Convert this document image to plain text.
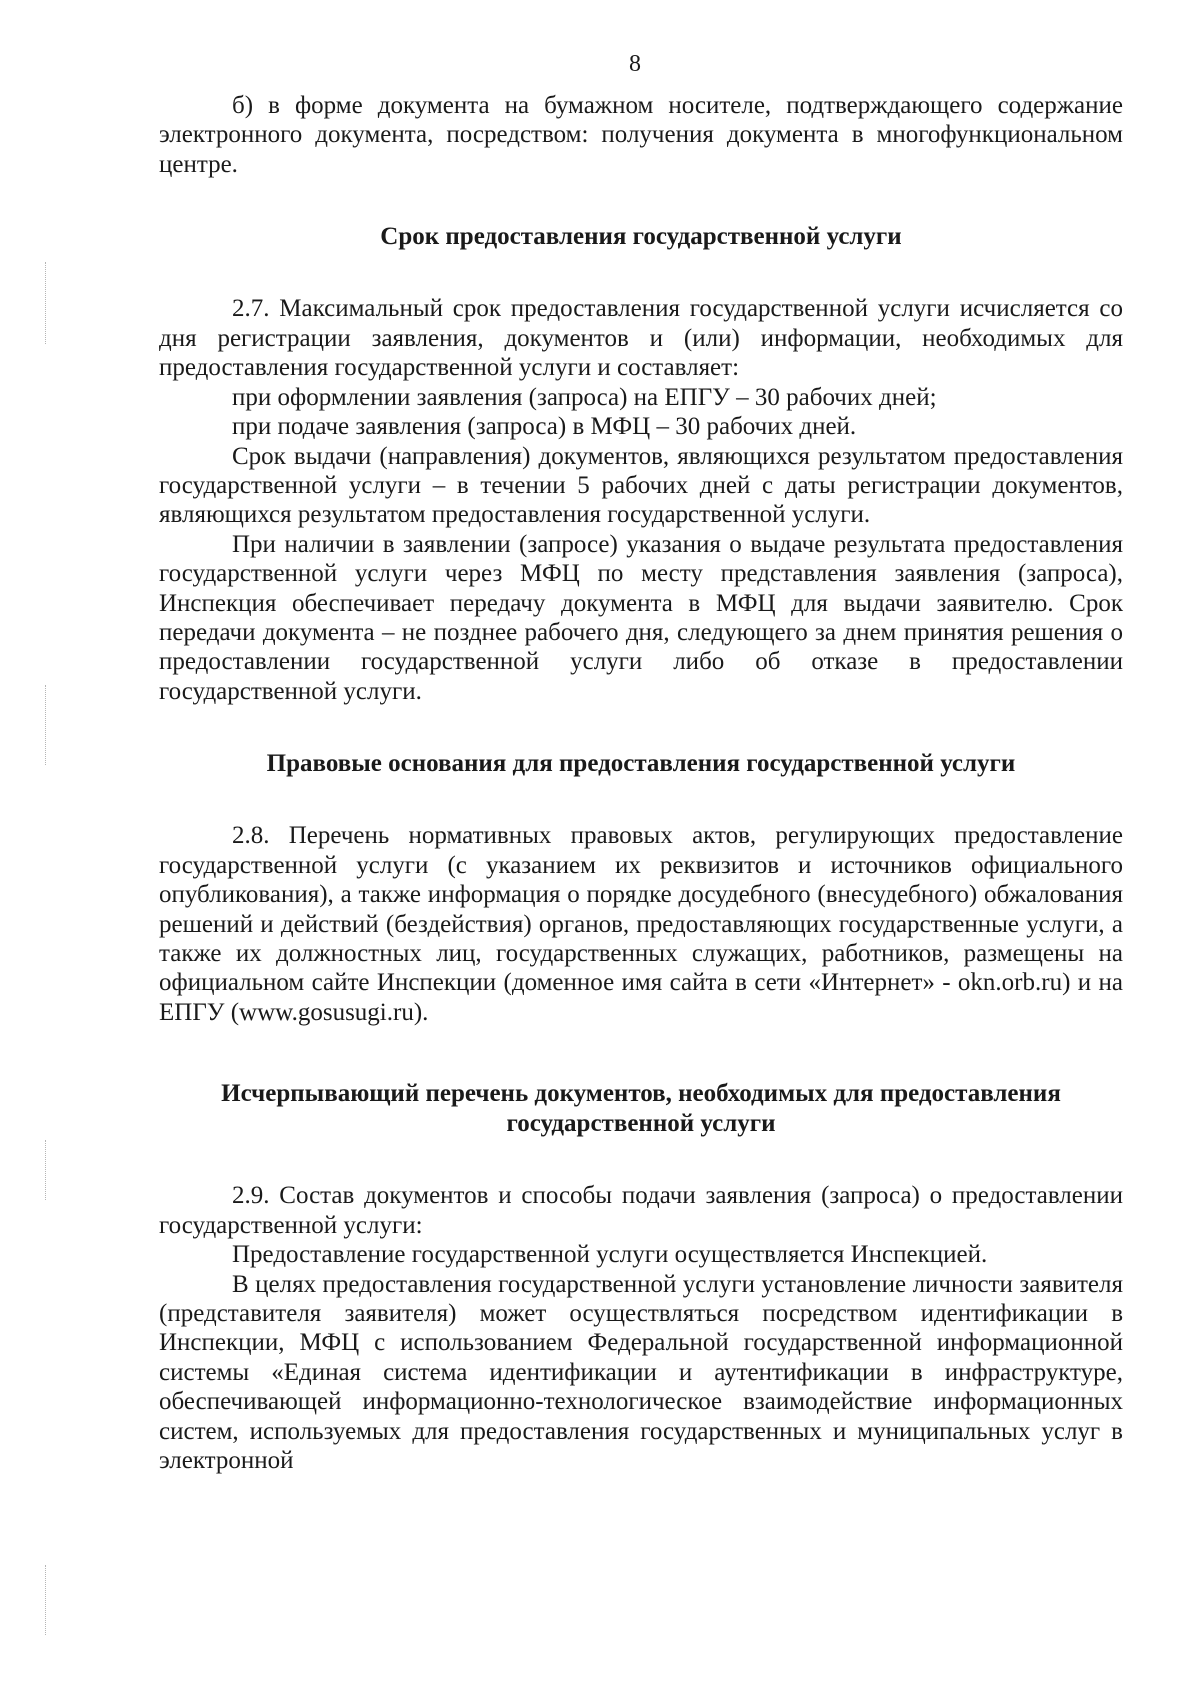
8

б) в форме документа на бумажном носителе, подтверждающего содержание электронного документа, посредством: получения документа в многофункциональном центре.

Срок предоставления государственной услуги

2.7. Максимальный срок предоставления государственной услуги исчисляется со дня регистрации заявления, документов и (или) информации, необходимых для предоставления государственной услуги и составляет:

при оформлении заявления (запроса) на ЕПГУ – 30 рабочих дней;

при подаче заявления (запроса) в МФЦ – 30 рабочих дней.

Срок выдачи (направления) документов, являющихся результатом предоставления государственной услуги – в течении 5 рабочих дней с даты регистрации документов, являющихся результатом предоставления государственной услуги.

При наличии в заявлении (запросе) указания о выдаче результата предоставления государственной услуги через МФЦ по месту представления заявления (запроса), Инспекция обеспечивает передачу документа в МФЦ для выдачи заявителю. Срок передачи документа – не позднее рабочего дня, следующего за днем принятия решения о предоставлении государственной услуги либо об отказе в предоставлении государственной услуги.

Правовые основания для предоставления государственной услуги

2.8. Перечень нормативных правовых актов, регулирующих предоставление государственной услуги (с указанием их реквизитов и источников официального опубликования), а также информация о порядке досудебного (внесудебного) обжалования решений и действий (бездействия) органов, предоставляющих государственные услуги, а также их должностных лиц, государственных служащих, работников, размещены на официальном сайте Инспекции (доменное имя сайта в сети «Интернет» - okn.orb.ru) и на ЕПГУ (www.gosusugi.ru).

Исчерпывающий перечень документов, необходимых для предоставления государственной услуги

2.9. Состав документов и способы подачи заявления (запроса) о предоставлении государственной услуги:

Предоставление государственной услуги осуществляется Инспекцией.

В целях предоставления государственной услуги установление личности заявителя (представителя заявителя) может осуществляться посредством идентификации в Инспекции, МФЦ с использованием Федеральной государственной информационной системы «Единая система идентификации и аутентификации в инфраструктуре, обеспечивающей информационно-технологическое взаимодействие информационных систем, используемых для предоставления государственных и муниципальных услуг в электронной
